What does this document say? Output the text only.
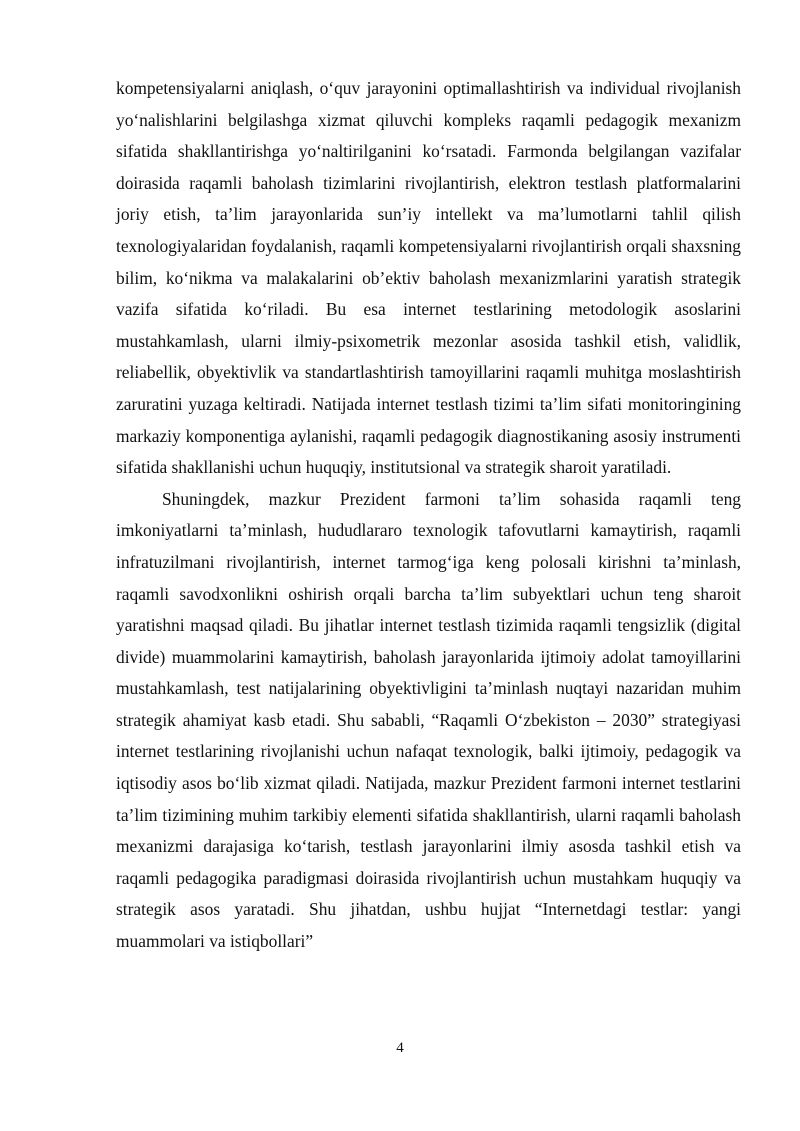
kompetensiyalarni aniqlash, o‘quv jarayonini optimallashtirish va individual rivojlanish yo‘nalishlarini belgilashga xizmat qiluvchi kompleks raqamli pedagogik mexanizm sifatida shakllantirishga yo‘naltirilganini ko‘rsatadi. Farmonda belgilangan vazifalar doirasida raqamli baholash tizimlarini rivojlantirish, elektron testlash platformalarini joriy etish, ta’lim jarayonlarida sun’iy intellekt va ma’lumotlarni tahlil qilish texnologiyalaridan foydalanish, raqamli kompetensiyalarni rivojlantirish orqali shaxsning bilim, ko‘nikma va malakalarini ob’ektiv baholash mexanizmlarini yaratish strategik vazifa sifatida ko‘riladi. Bu esa internet testlarining metodologik asoslarini mustahkamlash, ularni ilmiy-psixometrik mezonlar asosida tashkil etish, validlik, reliabellik, obyektivlik va standartlashtirish tamoyillarini raqamli muhitga moslashtirish zaruratini yuzaga keltiradi. Natijada internet testlash tizimi ta’lim sifati monitoringining markaziy komponentiga aylanishi, raqamli pedagogik diagnostikaning asosiy instrumenti sifatida shakllanishi uchun huquqiy, institutsional va strategik sharoit yaratiladi.

Shuningdek, mazkur Prezident farmoni ta’lim sohasida raqamli teng imkoniyatlarni ta’minlash, hududlararo texnologik tafovutlarni kamaytirish, raqamli infratuzilmani rivojlantirish, internet tarmog‘iga keng polosali kirishni ta’minlash, raqamli savodxonlikni oshirish orqali barcha ta’lim subyektlari uchun teng sharoit yaratishni maqsad qiladi. Bu jihatlar internet testlash tizimida raqamli tengsizlik (digital divide) muammolarini kamaytirish, baholash jarayonlarida ijtimoiy adolat tamoyillarini mustahkamlash, test natijalarining obyektivligini ta’minlash nuqtayi nazaridan muhim strategik ahamiyat kasb etadi. Shu sababli, “Raqamli O‘zbekiston – 2030” strategiyasi internet testlarining rivojlanishi uchun nafaqat texnologik, balki ijtimoiy, pedagogik va iqtisodiy asos bo‘lib xizmat qiladi. Natijada, mazkur Prezident farmoni internet testlarini ta’lim tizimining muhim tarkibiy elementi sifatida shakllantirish, ularni raqamli baholash mexanizmi darajasiga ko‘tarish, testlash jarayonlarini ilmiy asosda tashkil etish va raqamli pedagogika paradigmasi doirasida rivojlantirish uchun mustahkam huquqiy va strategik asos yaratadi. Shu jihatdan, ushbu hujjat “Internetdagi testlar: yangi muammolari va istiqbollari”

4
